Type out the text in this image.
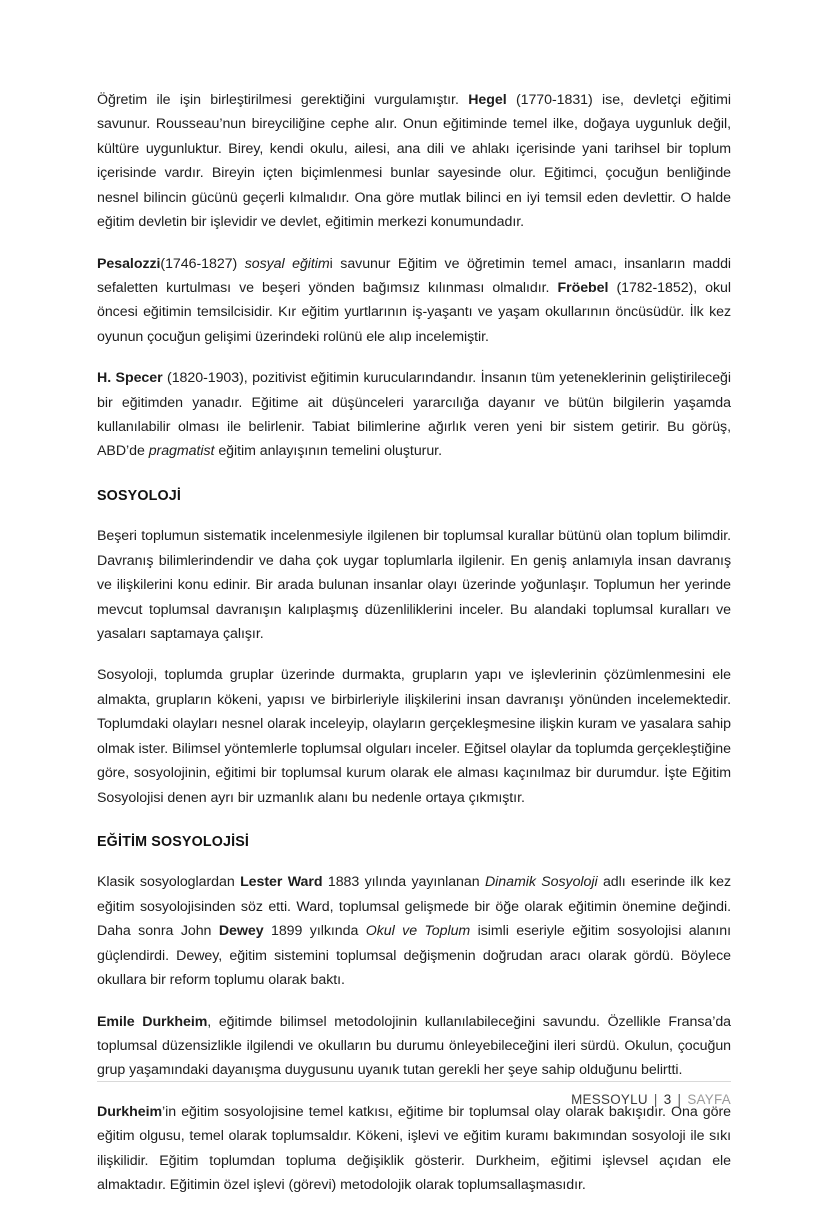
Öğretim ile işin birleştirilmesi gerektiğini vurgulamıştır. Hegel (1770-1831) ise, devletçi eğitimi savunur. Rousseau’nun bireyciliğine cephe alır. Onun eğitiminde temel ilke, doğaya uygunluk değil, kültüre uygunluktur. Birey, kendi okulu, ailesi, ana dili ve ahlakı içerisinde yani tarihsel bir toplum içerisinde vardır. Bireyin içten biçimlenmesi bunlar sayesinde olur. Eğitimci, çocuğun benliğinde nesnel bilincin gücünü geçerli kılmalıdır. Ona göre mutlak bilinci en iyi temsil eden devlettir. O halde eğitim devletin bir işlevidir ve devlet, eğitimin merkezi konumundadır.

Pesalozzi(1746-1827) sosyal eğitimi savunur Eğitim ve öğretimin temel amacı, insanların maddi sefaletten kurtulması ve beşeri yönden bağımsız kılınması olmalıdır. Fröebel (1782-1852), okul öncesi eğitimin temsilcisidir. Kır eğitim yurtlarının iş-yaşantı ve yaşam okullarının öncüsüdür. İlk kez oyunun çocuğun gelişimi üzerindeki rolünü ele alıp incelemiştir.

H. Specer (1820-1903), pozitivist eğitimin kurucularındandır. İnsanın tüm yeteneklerinin geliştirileceği bir eğitimden yanadır. Eğitime ait düşünceleri yararcılığa dayanır ve bütün bilgilerin yaşamda kullanılabilir olması ile belirlenir. Tabiat bilimlerine ağırlık veren yeni bir sistem getirir. Bu görüş, ABD’de pragmatist eğitim anlayışının temelini oluşturur.

SOSYOLOJİ

Beşeri toplumun sistematik incelenmesiyle ilgilenen bir toplumsal kurallar bütünü olan toplum bilimdir. Davranış bilimlerindendir ve daha çok uygar toplumlarla ilgilenir. En geniş anlamıyla insan davranış ve ilişkilerini konu edinir. Bir arada bulunan insanlar olayı üzerinde yoğunlaşır. Toplumun her yerinde mevcut toplumsal davranışın kalıplaşmış düzenliliklerini inceler. Bu alandaki toplumsal kuralları ve yasaları saptamaya çalışır.

Sosyoloji, toplumda gruplar üzerinde durmakta, grupların yapı ve işlevlerinin çözümlenmesini ele almakta, grupların kökeni, yapısı ve birbirleriyle ilişkilerini insan davranışı yönünden incelemektedir. Toplumdaki olayları nesnel olarak inceleyip, olayların gerçekleşmesine ilişkin kuram ve yasalara sahip olmak ister. Bilimsel yöntemlerle toplumsal olguları inceler. Eğitsel olaylar da toplumda gerçekleştiğine göre, sosyolojinin, eğitimi bir toplumsal kurum olarak ele alması kaçınılmaz bir durumdur. İşte Eğitim Sosyolojisi denen ayrı bir uzmanlık alanı bu nedenle ortaya çıkmıştır.

EĞİTİM SOSYOLOJİSİ

Klasik sosyologlardan Lester Ward 1883 yılında yayınlanan Dinamik Sosyoloji adlı eserinde ilk kez eğitim sosyolojisinden söz etti. Ward, toplumsal gelişmede bir öğe olarak eğitimin önemine değindi. Daha sonra John Dewey 1899 yılkında Okul ve Toplum isimli eseriyle eğitim sosyolojisi alanını güçlendirdi. Dewey, eğitim sistemini toplumsal değişmenin doğrudan aracı olarak gördü. Böylece okullara bir reform toplumu olarak baktı.

Emile Durkheim, eğitimde bilimsel metodolojinin kullanılabileceğini savundu. Özellikle Fransa’da toplumsal düzensizlikle ilgilendi ve okulların bu durumu önleyebileceğini ileri sürdü. Okulun, çocuğun grup yaşamındaki dayanışma duygusunu uyanık tutan gerekli her şeye sahip olduğunu belirtti.

Durkheim’in eğitim sosyolojisine temel katkısı, eğitime bir toplumsal olay olarak bakışıdır. Ona göre eğitim olgusu, temel olarak toplumsaldır. Kökeni, işlevi ve eğitim kuramı bakımından sosyoloji ile sıkı ilişkilidir. Eğitim toplumdan topluma değişiklik gösterir. Durkheim, eğitimi işlevsel açıdan ele almaktadır. Eğitimin özel işlevi (görevi) metodolojik olarak toplumsallaşmasıdır.

MESSOYLU | 3 | SAYFA
